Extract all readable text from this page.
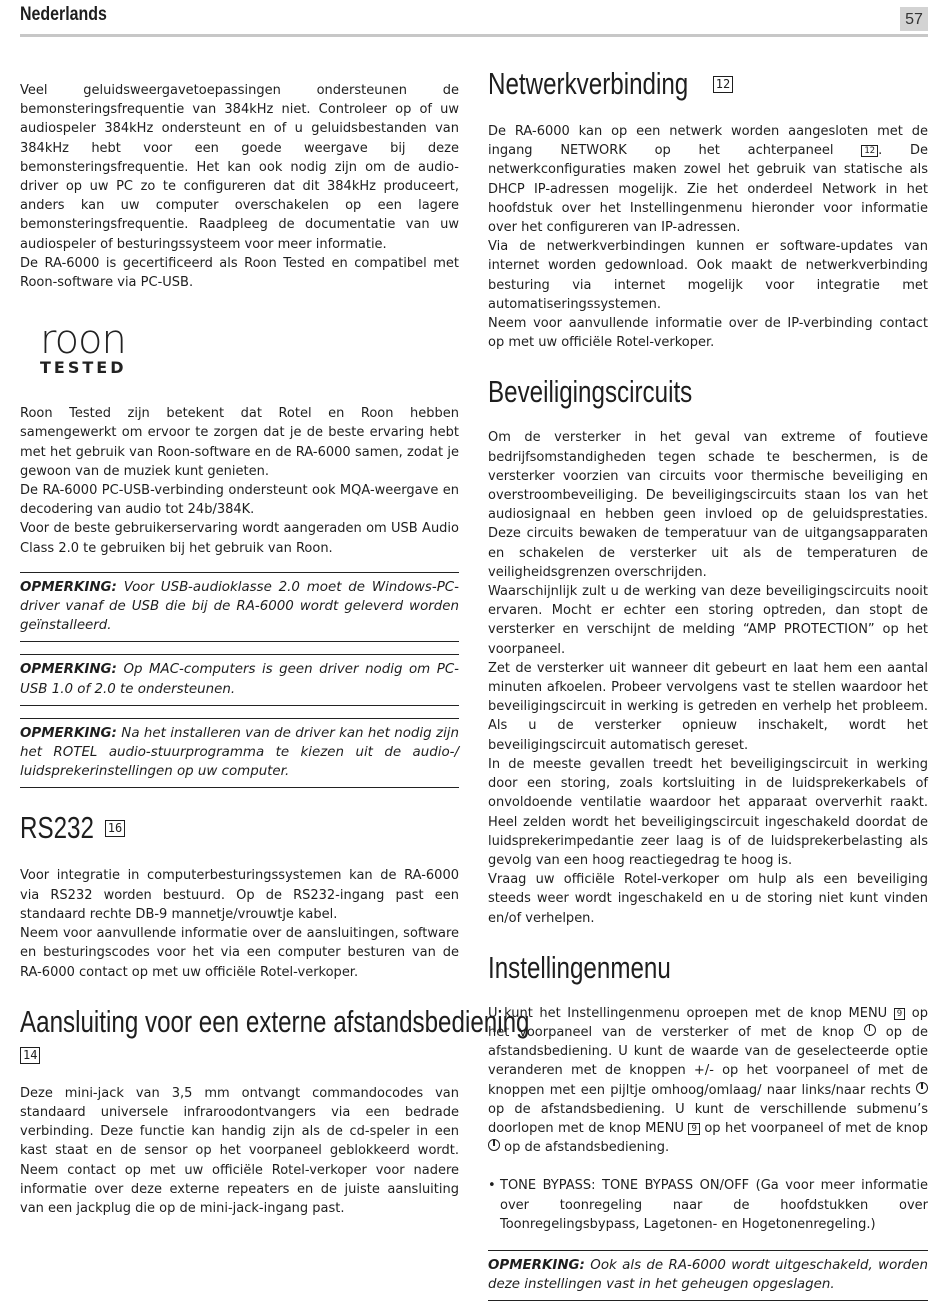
Nederlands	57

Veel geluidsweergavetoepassingen ondersteunen de bemonsteringsfrequentie van 384kHz niet. Controleer op of uw audiospeler 384kHz ondersteunt en of u geluidsbestanden van 384kHz hebt voor een goede weergave bij deze bemonsteringsfrequentie. Het kan ook nodig zijn om de audio-driver op uw PC zo te configureren dat dit 384kHz produceert, anders kan uw computer overschakelen op een lagere bemonsteringsfrequentie. Raadpleeg de documentatie van uw audiospeler of besturingssysteem voor meer informatie.

De RA-6000 is gecertificeerd als Roon Tested en compatibel met Roon-software via PC-USB.

roon
TESTED

Roon Tested zijn betekent dat Rotel en Roon hebben samengewerkt om ervoor te zorgen dat je de beste ervaring hebt met het gebruik van Roon-software en de RA-6000 samen, zodat je gewoon van de muziek kunt genieten.

De RA-6000 PC-USB-verbinding ondersteunt ook MQA-weergave en decodering van audio tot 24b/384K.

Voor de beste gebruikerservaring wordt aangeraden om USB Audio Class 2.0 te gebruiken bij het gebruik van Roon.

OPMERKING: Voor USB-audioklasse 2.0 moet de Windows-PC-driver vanaf de USB die bij de RA-6000 wordt geleverd worden geïnstalleerd.

OPMERKING: Op MAC-computers is geen driver nodig om PC-USB 1.0 of 2.0 te ondersteunen.

OPMERKING: Na het installeren van de driver kan het nodig zijn het ROTEL audio-stuurprogramma te kiezen uit de audio-/ luidsprekerinstellingen op uw computer.

RS232 16

Voor integratie in computerbesturingssystemen kan de RA-6000 via RS232 worden bestuurd. Op de RS232-ingang past een standaard rechte DB-9 mannetje/vrouwtje kabel.

Neem voor aanvullende informatie over de aansluitingen, software en besturingscodes voor het via een computer besturen van de RA-6000 contact op met uw officiële Rotel-verkoper.

Aansluiting voor een externe afstandsbediening
14

Deze mini-jack van 3,5 mm ontvangt commandocodes van standaard universele infraroodontvangers via een bedrade verbinding. Deze functie kan handig zijn als de cd-speler in een kast staat en de sensor op het voorpaneel geblokkeerd wordt. Neem contact op met uw officiële Rotel-verkoper voor nadere informatie over deze externe repeaters en de juiste aansluiting van een jackplug die op de mini-jack-ingang past.

Netwerkverbinding 12

De RA-6000 kan op een netwerk worden aangesloten met de ingang NETWORK op het achterpaneel	12 . De netwerkconfiguraties maken zowel het gebruik van statische als DHCP IP-adressen mogelijk. Zie het onderdeel Network in het hoofdstuk over het Instellingenmenu hieronder voor informatie over het configureren van IP-adressen.

Via de netwerkverbindingen kunnen er software-updates van internet worden gedownload. Ook maakt de netwerkverbinding besturing via internet mogelijk voor integratie met automatiseringssystemen.

Neem voor aanvullende informatie over de IP-verbinding contact op met uw officiële Rotel-verkoper.

Beveiligingscircuits

Om de versterker in het geval van extreme of foutieve bedrijfsomstandigheden tegen schade te beschermen, is de versterker voorzien van circuits voor thermische beveiliging en overstroombeveiliging. De beveiligingscircuits staan los van het audiosignaal en hebben geen invloed op de geluidsprestaties. Deze circuits bewaken de temperatuur van de uitgangsapparaten en schakelen de versterker uit als de temperaturen de veiligheidsgrenzen overschrijden.

Waarschijnlijk zult u de werking van deze beveiligingscircuits nooit ervaren. Mocht er echter een storing optreden, dan stopt de versterker en verschijnt de melding “AMP PROTECTION” op het voorpaneel.

Zet de versterker uit wanneer dit gebeurt en laat hem een aantal minuten afkoelen. Probeer vervolgens vast te stellen waardoor het beveiligingscircuit in werking is getreden en verhelp het probleem. Als u de versterker opnieuw inschakelt, wordt het beveiligingscircuit automatisch gereset.

In de meeste gevallen treedt het beveiligingscircuit in werking door een storing, zoals kortsluiting in de luidsprekerkabels of onvoldoende ventilatie waardoor het apparaat oververhit raakt. Heel zelden wordt het beveiligingscircuit ingeschakeld doordat de luidsprekerimpedantie zeer laag is of de luidsprekerbelasting als gevolg van een hoog reactiegedrag te hoog is.

Vraag uw officiële Rotel-verkoper om hulp als een beveiliging steeds weer wordt ingeschakeld en u de storing niet kunt vinden en/of verhelpen.

Instellingenmenu

U kunt het Instellingenmenu oproepen met de knop MENU 9 op het voorpaneel van de versterker of met de knop op de afstandsbediening. U kunt de waarde van de geselecteerde optie veranderen met de knoppen +/- op het voorpaneel of met de knoppen met een pijltje omhoog/omlaag/ naar links/naar rechts  op de afstandsbediening. U kunt de verschillende submenu’s doorlopen met de knop MENU 9 op het voorpaneel of met de knop  op de afstandsbediening.

• TONE BYPASS: TONE BYPASS ON/OFF (Ga voor meer informatie over toonregeling naar de hoofdstukken over Toonregelingsbypass, Lagetonen- en Hogetonenregeling.)

OPMERKING: Ook als de RA-6000 wordt uitgeschakeld, worden deze instellingen vast in het geheugen opgeslagen.
